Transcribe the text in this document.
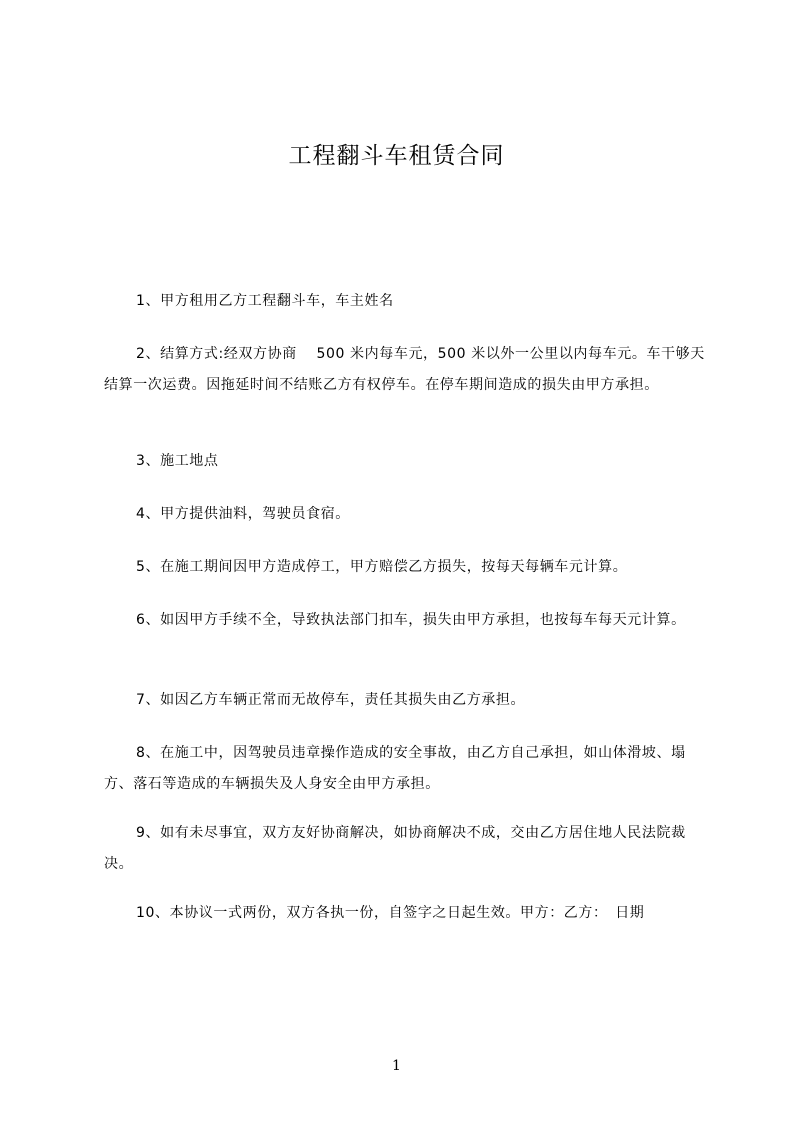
工程翻斗车租赁合同
1、甲方租用乙方工程翻斗车，车主姓名
2、结算方式:经双方协商　 500 米内每车元，500 米以外一公里以内每车元。车干够天结算一次运费。因拖延时间不结账乙方有权停车。在停车期间造成的损失由甲方承担。
3、施工地点
4、甲方提供油料，驾驶员食宿。
5、在施工期间因甲方造成停工，甲方赔偿乙方损失，按每天每辆车元计算。
6、如因甲方手续不全，导致执法部门扣车，损失由甲方承担，也按每车每天元计算。
7、如因乙方车辆正常而无故停车，责任其损失由乙方承担。
8、在施工中，因驾驶员违章操作造成的安全事故，由乙方自己承担，如山体滑坡、塌方、落石等造成的车辆损失及人身安全由甲方承担。
9、如有未尽事宜，双方友好协商解决，如协商解决不成，交由乙方居住地人民法院裁决。
10、本协议一式两份，双方各执一份，自签字之日起生效。甲方：乙方：　日期
1
